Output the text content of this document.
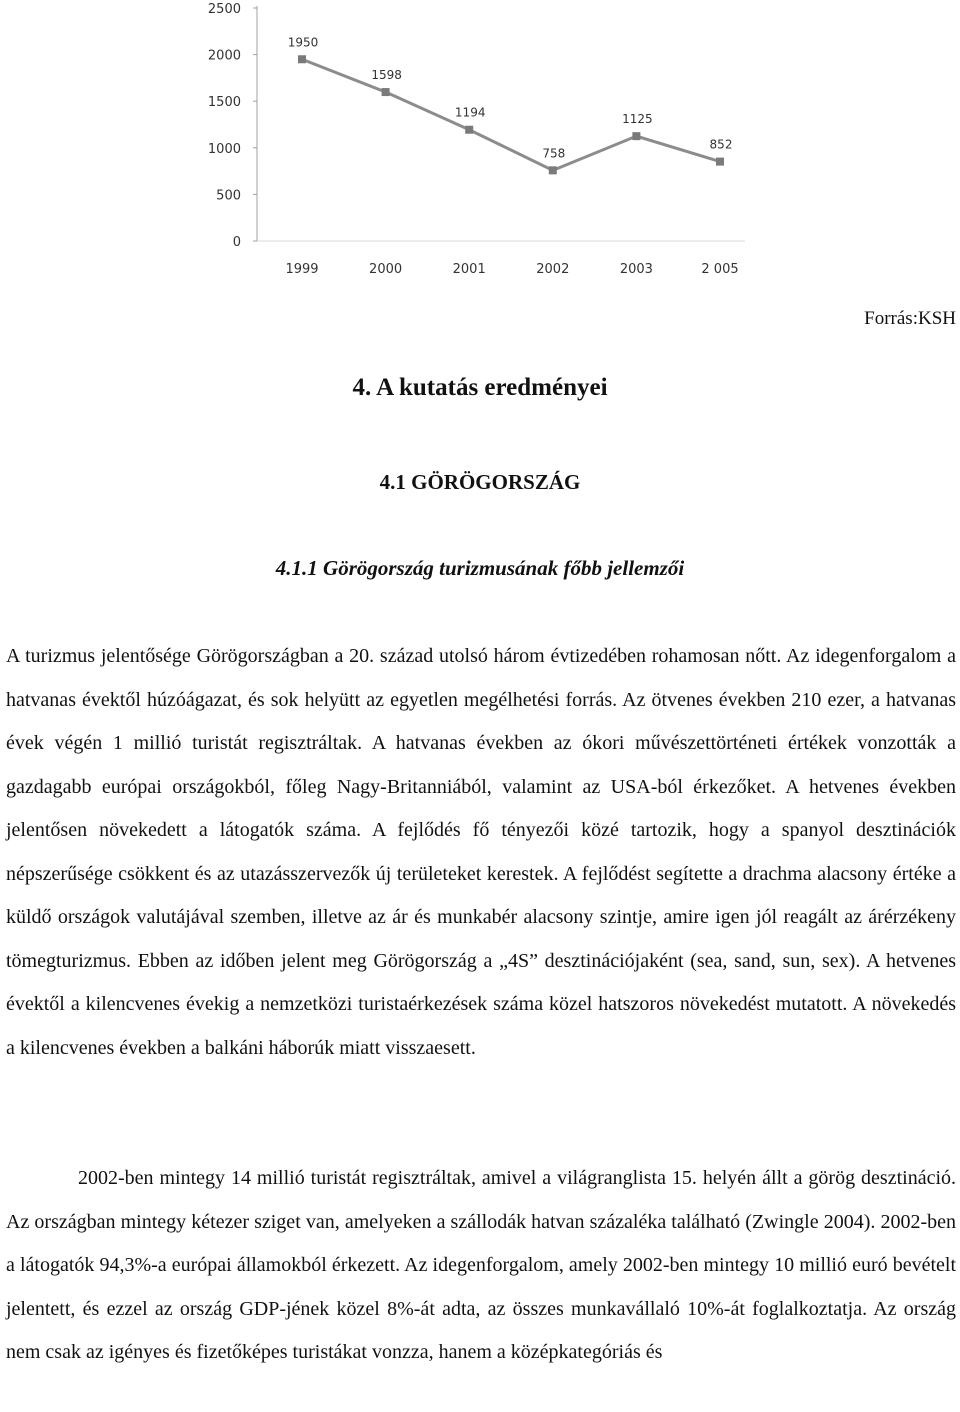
0
500
1000
1500
2000
2500
1950
1999
1598
2000
1194
2001
758
2002
1125
2003
852
2 005

Forrás:KSH

4. A kutatás eredményei
4.1 GÖRÖGORSZÁG
4.1.1 Görögország turizmusának főbb jellemzői

A turizmus jelentősége Görögországban a 20. század utolsó három évtizedében rohamosan nőtt. Az idegenforgalom a hatvanas évektől húzóágazat, és sok helyütt az egyetlen megélhetési forrás. Az ötvenes években 210 ezer, a hatvanas évek végén 1 millió turistát regisztráltak. A hatvanas években az ókori művészettörténeti értékek vonzották a gazdagabb európai országokból, főleg Nagy-Britanniából, valamint az USA-ból érkezőket. A hetvenes években jelentősen növekedett a látogatók száma. A fejlődés fő tényezői közé tartozik, hogy a spanyol desztinációk népszerűsége csökkent és az utazásszervezők új területeket kerestek. A fejlődést segítette a drachma alacsony értéke a küldő országok valutájával szemben, illetve az ár és munkabér alacsony szintje, amire igen jól reagált az árérzékeny tömegturizmus. Ebben az időben jelent meg Görögország a „4S” desztinációjaként (sea, sand, sun, sex). A hetvenes évektől a kilencvenes évekig a nemzetközi turistaérkezések száma közel hatszoros növekedést mutatott. A növekedés a kilencvenes években a balkáni háborúk miatt visszaesett.

2002-ben mintegy 14 millió turistát regisztráltak, amivel a világranglista 15. helyén állt a görög desztináció. Az országban mintegy kétezer sziget van, amelyeken a szállodák hatvan százaléka található (Zwingle 2004). 2002-ben a látogatók 94,3%-a európai államokból érkezett. Az idegenforgalom, amely 2002-ben mintegy 10 millió euró bevételt jelentett, és ezzel az ország GDP-jének közel 8%-át adta, az összes munkavállaló 10%-át foglalkoztatja. Az ország nem csak az igényes és fizetőképes turistákat vonzza, hanem a középkategóriás és
